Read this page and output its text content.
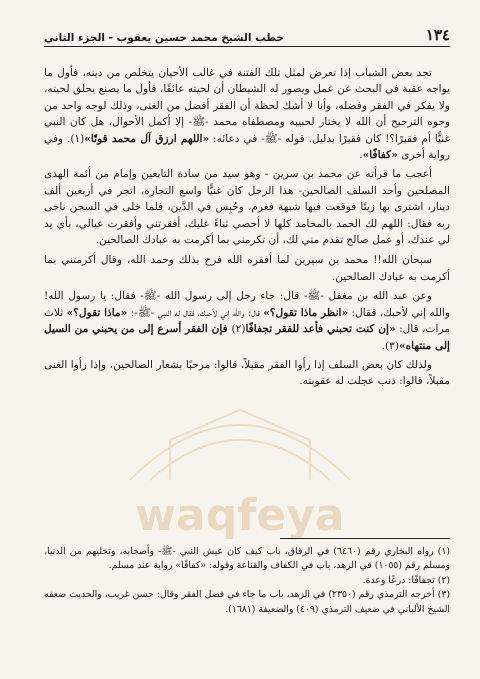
١٣٤
خطب الشيخ محمد حسين يعقوب - الجزء الثاني

تجد بعض الشباب إذا تعرض لمثل تلك الفتنة في غالب الأحيان يتخلص من دينه، فأول ما يواجه عقبة في البحث عن عمل ويصور له الشيطان أن لحيته عائقًا، فأول ما يصنع يحلق لحيته، ولا يفكر في الفقر وفضله، وأنا لا أشك لحظة أن الفقر أفضل من الغنى، وذلك لوجه واحد من وجوه الترجيح أن الله لا يختار لحبيبه ومصطفاه محمد -ﷺ- إلا أكمل الأحوال، هل كان النبي غنيًّا أم فقيرًا؟! كان فقيرًا بدليل. قوله -ﷺ- في دعائه: «اللهم ارزق آل محمد قوتًا»(١). وفي رواية أخرى «كفافًا».

أعجب ما قرأته عن محمد بن سرين - وهو سيد من سادة التابعين وإمام من أئمة الهدى المصلحين وأحد السلف الصالحين- هذا الرجل كان غنيًّا واسع التجارة، اتجر في أربعين ألف دينار، اشترى بها زيتًا فوقعت فيها شبهة فغرم، وحُبِس في الدَّين، فلما خلى في السجن ناجى ربه فقال: اللهم لك الحمد بالمحامد كلها لا أحصي ثناءً عليك، أفقرتني وأفقرت عيالي، بأي يد لي عندك، أو عمل صالح تقدم مني لك، أن تكرمني بما أكرمت به عبادك الصالحين.

سبحان الله!! محمد بن سيرين لما أفقره الله فرح بذلك وحمد الله، وقال أكرمتني بما أكرمت به عبادك الصالحين.

وعن عبد الله بن مغفل -ﷺ- قال: جاء رجل إلى رسول الله -ﷺ- فقال: يا رسول الله! والله إني لأحبك، فقال: «انظر ماذا تقول؟» قال: والله إني لأحبك، فقال له النبي -ﷺ-: «ماذا تقول؟» ثلاث مرات، قال: «إن كنت تحبني فأعد للفقر تجفافًا(٢) فإن الفقر أسرع إلى من يحبني من السيل إلى منتهاه»(٣).

ولذلك كان بعض السلف إذا رأوا الفقر مقبلاً، قالوا: مرحبًا بشعار الصالحين، وإذا رأوا الغنى مقبلاً، قالوا: ذنب عجلت له عقوبته.

waqfeya

(١) رواه البخاري رقم (٦٤٦٠) في الرقاق، باب كيف كان عيش النبي -ﷺ- وأصحابه، وتخليهم من الدنيا، ومسلم رقم (١٠٥٥) في الزهد، باب في الكفاف والقناعة وقوله: «كفافًا» رواية عند مسلم.

(٢) تجفافًا: درعًا وعدة.

(٣) أخرجه الترمذي رقم (٢٣٥٠) في الزهد، باب ما جاء في فضل الفقر وقال: حسن غريب، والحديث ضعفه الشيخ الألباني في ضعيف الترمذي (٤٠٩) والضعيفة (١٦٨١).
